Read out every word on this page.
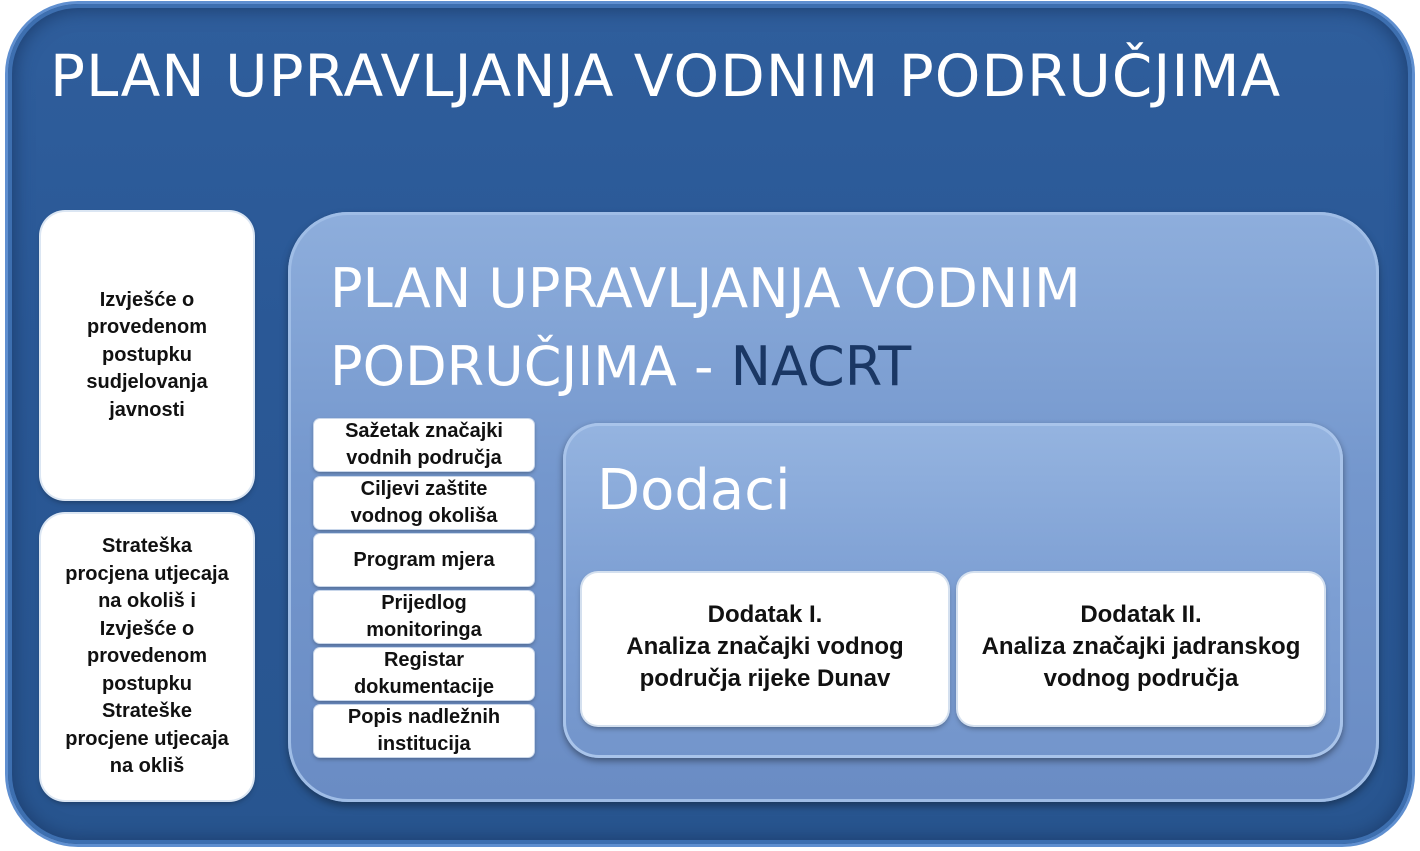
PLAN UPRAVLJANJA VODNIM PODRUČJIMA
Izvješće o
provedenom
postupku
sudjelovanja
javnosti
Strateška
procjena utjecaja
na okoliš i
Izvješće o
provedenom
postupku
Strateške
procjene utjecaja
na okliš
PLAN UPRAVLJANJA VODNIM
PODRUČJIMA - NACRT
Sažetak značajki
vodnih područja
Ciljevi zaštite
vodnog okoliša
Program mjera
Prijedlog
monitoringa
Registar
dokumentacije
Popis nadležnih
institucija
Dodaci
Dodatak I.
Analiza značajki vodnog
područja rijeke Dunav
Dodatak II.
Analiza značajki jadranskog
vodnog područja
